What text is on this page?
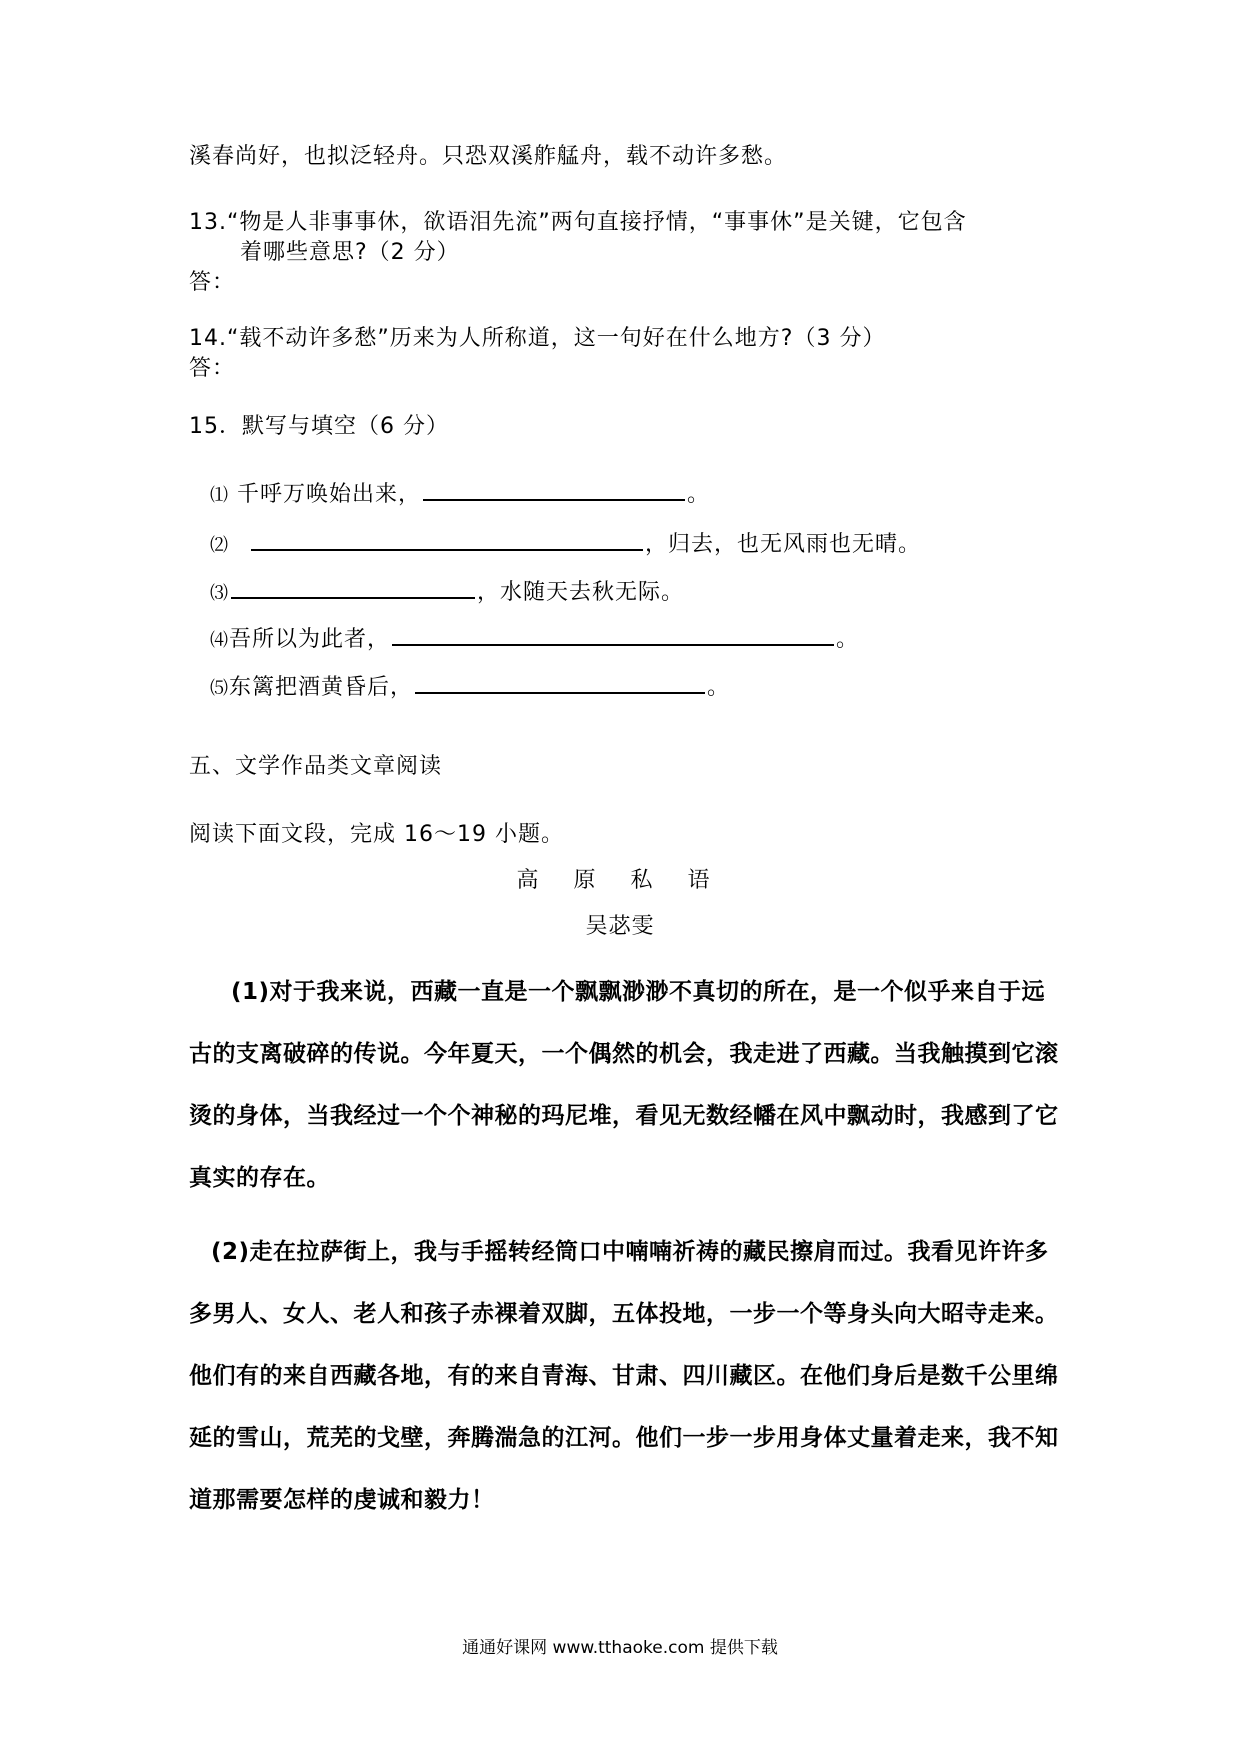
溪春尚好，也拟泛轻舟。只恐双溪舴艋舟，载不动许多愁。
13.“物是人非事事休，欲语泪先流”两句直接抒情，“事事休”是关键，它包含
着哪些意思?（2 分）
答：
14.“载不动许多愁”历来为人所称道，这一句好在什么地方?（3 分）
答：
15．默写与填空（6 分）
⑴ 千呼万唤始出来，	。
⑵	，归去，也无风雨也无晴。
⑶	，水随天去秋无际。
⑷吾所以为此者，	。
⑸东篱把酒黄昏后，	。
五、文学作品类文章阅读
阅读下面文段，完成 16～19 小题。
高 原 私 语
吴苾雯
(1)对于我来说，西藏一直是一个飘飘渺渺不真切的所在，是一个似乎来自于远古的支离破碎的传说。今年夏天，一个偶然的机会，我走进了西藏。当我触摸到它滚烫的身体，当我经过一个个神秘的玛尼堆，看见无数经幡在风中飘动时，我感到了它真实的存在。
(2)走在拉萨街上，我与手摇转经筒口中喃喃祈祷的藏民擦肩而过。我看见许许多多男人、女人、老人和孩子赤裸着双脚，五体投地，一步一个等身头向大昭寺走来。他们有的来自西藏各地，有的来自青海、甘肃、四川藏区。在他们身后是数千公里绵延的雪山，荒芜的戈壁，奔腾湍急的江河。他们一步一步用身体丈量着走来，我不知道那需要怎样的虔诚和毅力！
通通好课网 www.tthaoke.com 提供下载
